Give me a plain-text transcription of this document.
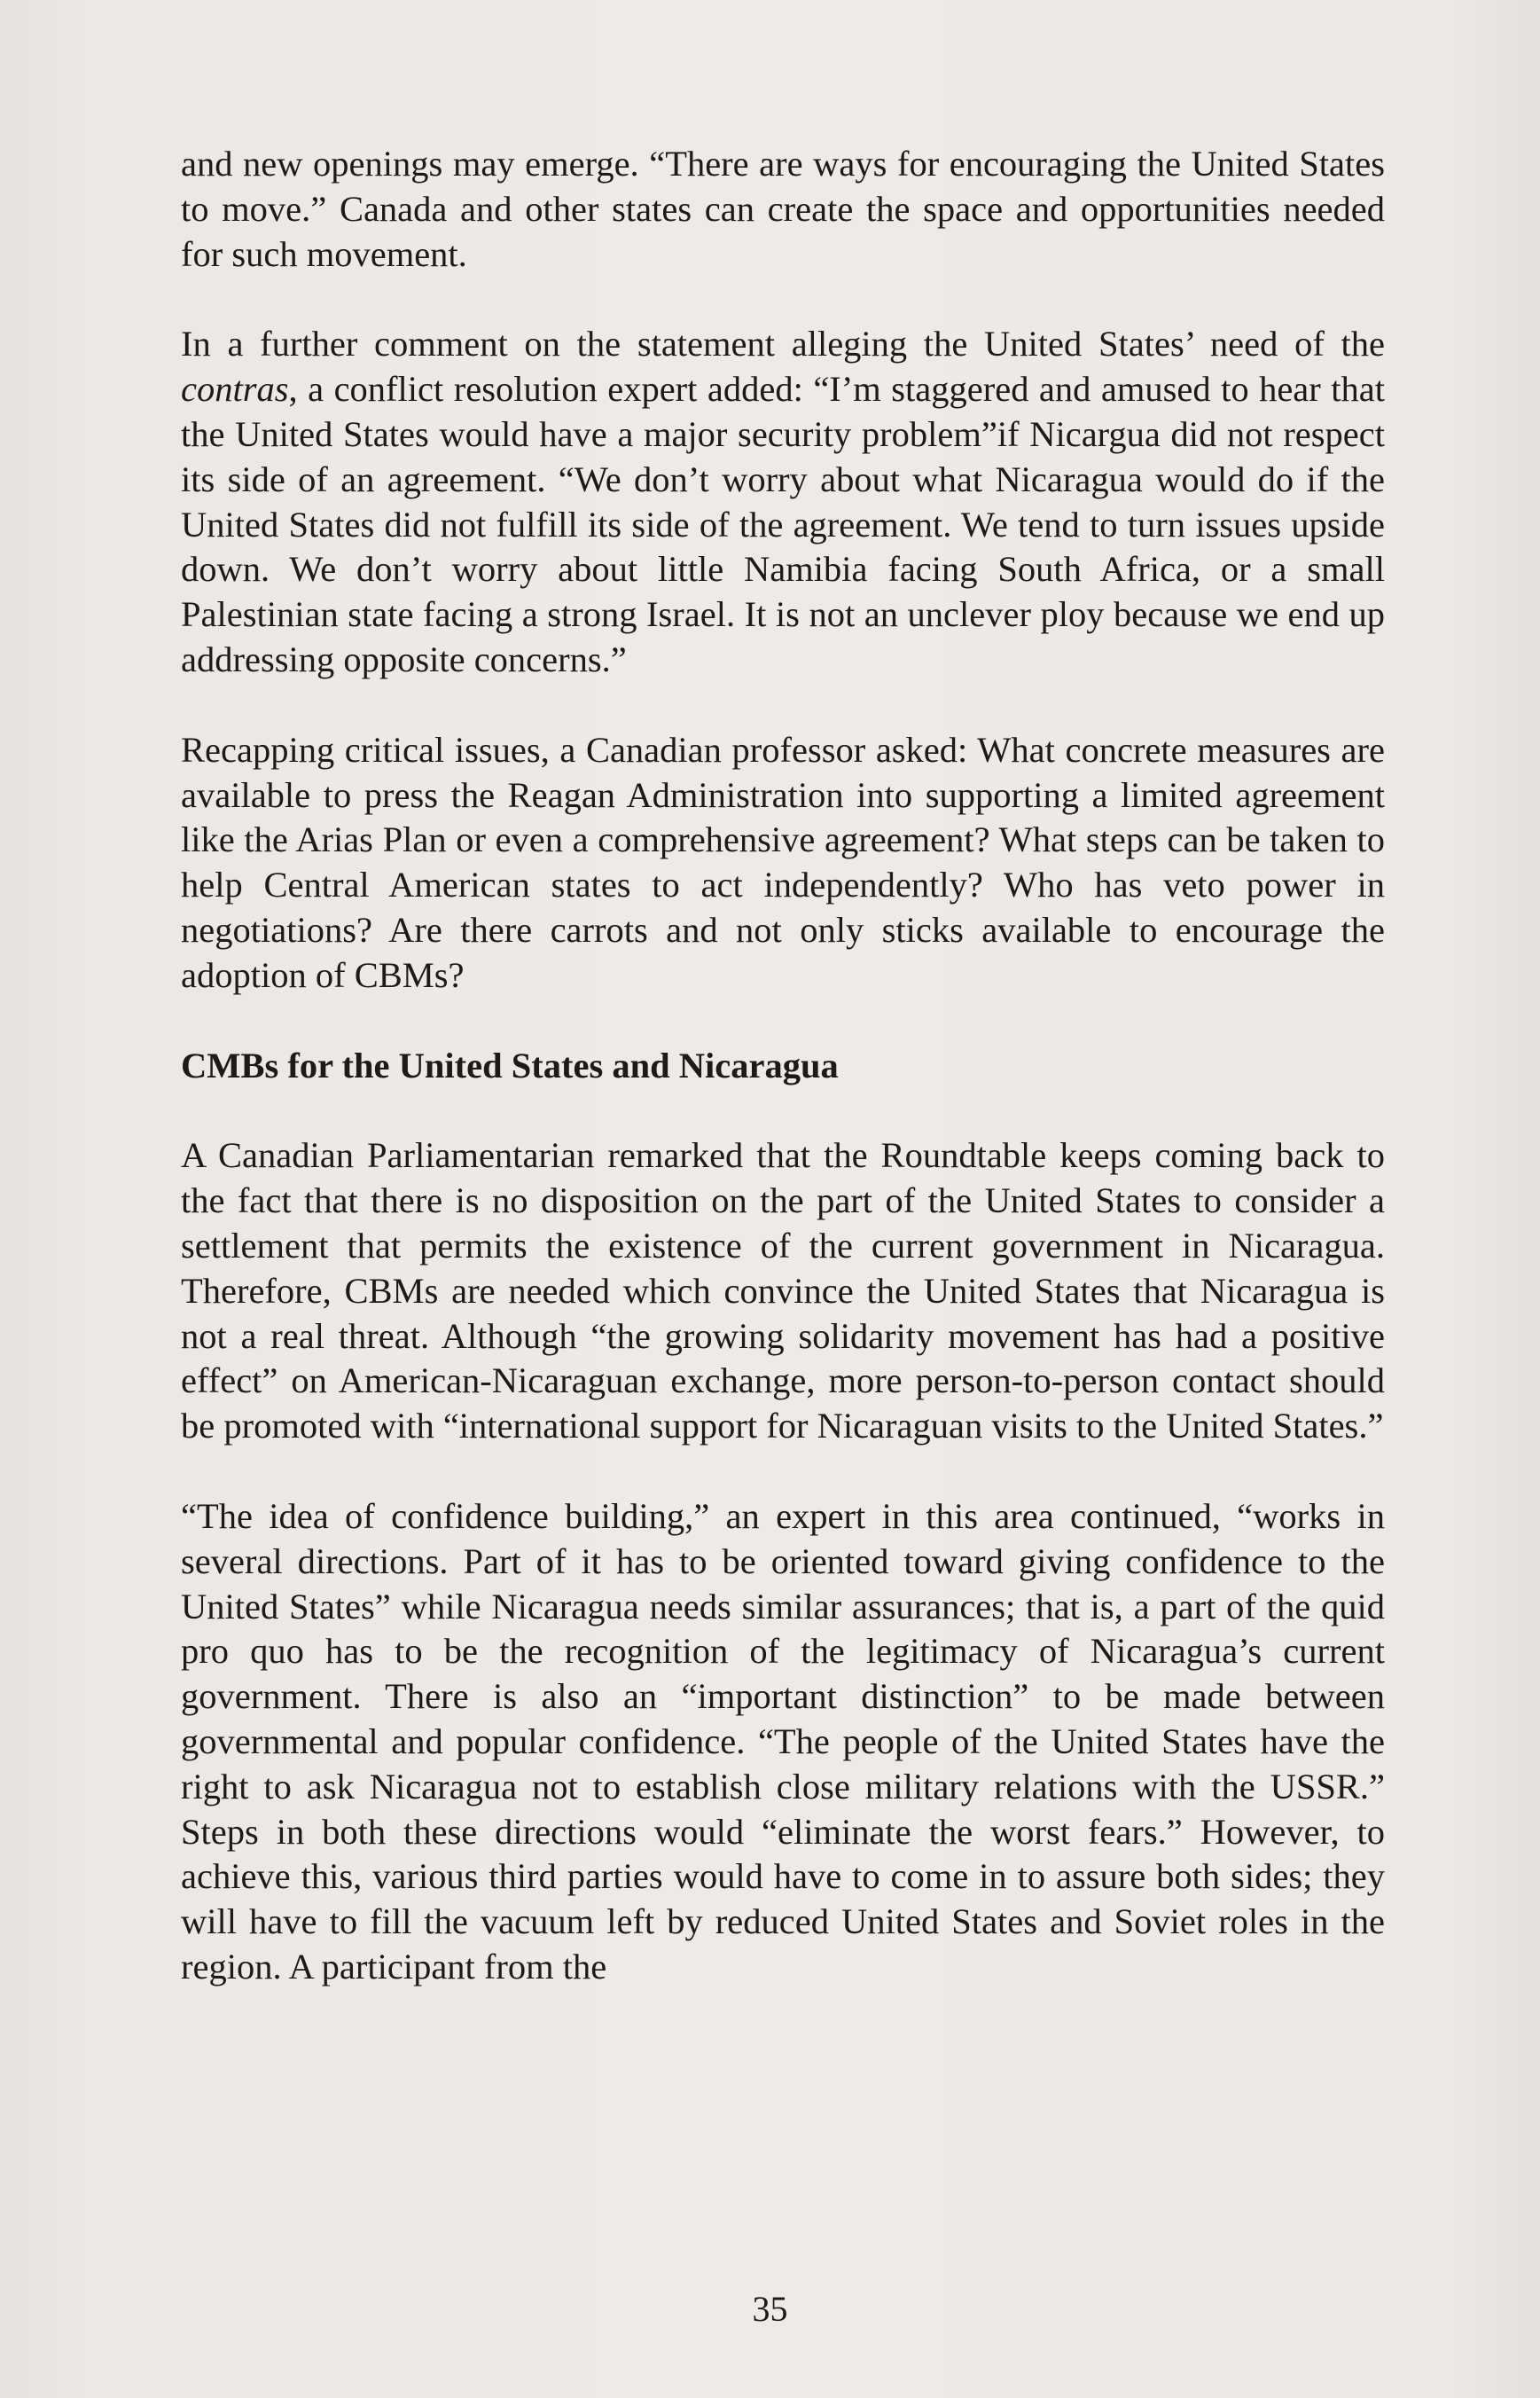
and new openings may emerge. “There are ways for encouraging the United States to move.” Canada and other states can create the space and opportunities needed for such movement.

In a further comment on the statement alleging the United States’ need of the contras, a conflict resolution expert added: “I’m staggered and amused to hear that the United States would have a major security problem”if Nicargua did not respect its side of an agreement. “We don’t worry about what Nicaragua would do if the United States did not fulfill its side of the agreement. We tend to turn issues upside down. We don’t worry about little Namibia facing South Africa, or a small Palestinian state facing a strong Israel. It is not an unclever ploy because we end up addressing opposite concerns.”

Recapping critical issues, a Canadian professor asked: What concrete measures are available to press the Reagan Administration into supporting a limited agreement like the Arias Plan or even a comprehensive agreement? What steps can be taken to help Central American states to act independently? Who has veto power in negotiations? Are there carrots and not only sticks available to encourage the adoption of CBMs?

CMBs for the United States and Nicaragua

A Canadian Parliamentarian remarked that the Roundtable keeps coming back to the fact that there is no disposition on the part of the United States to consider a settlement that permits the existence of the current government in Nicaragua. Therefore, CBMs are needed which convince the United States that Nicaragua is not a real threat. Although “the growing solidarity movement has had a positive effect” on American-Nicaraguan exchange, more person-to-person contact should be promoted with “international support for Nicaraguan visits to the United States.”

“The idea of confidence building,” an expert in this area continued, “works in several directions. Part of it has to be oriented toward giving confidence to the United States” while Nicaragua needs similar assurances; that is, a part of the quid pro quo has to be the recognition of the legitimacy of Nicaragua’s current government. There is also an “important distinction” to be made between governmental and popular confidence. “The people of the United States have the right to ask Nicaragua not to establish close military relations with the USSR.” Steps in both these directions would “eliminate the worst fears.” However, to achieve this, various third parties would have to come in to assure both sides; they will have to fill the vacuum left by reduced United States and Soviet roles in the region. A participant from the

35
